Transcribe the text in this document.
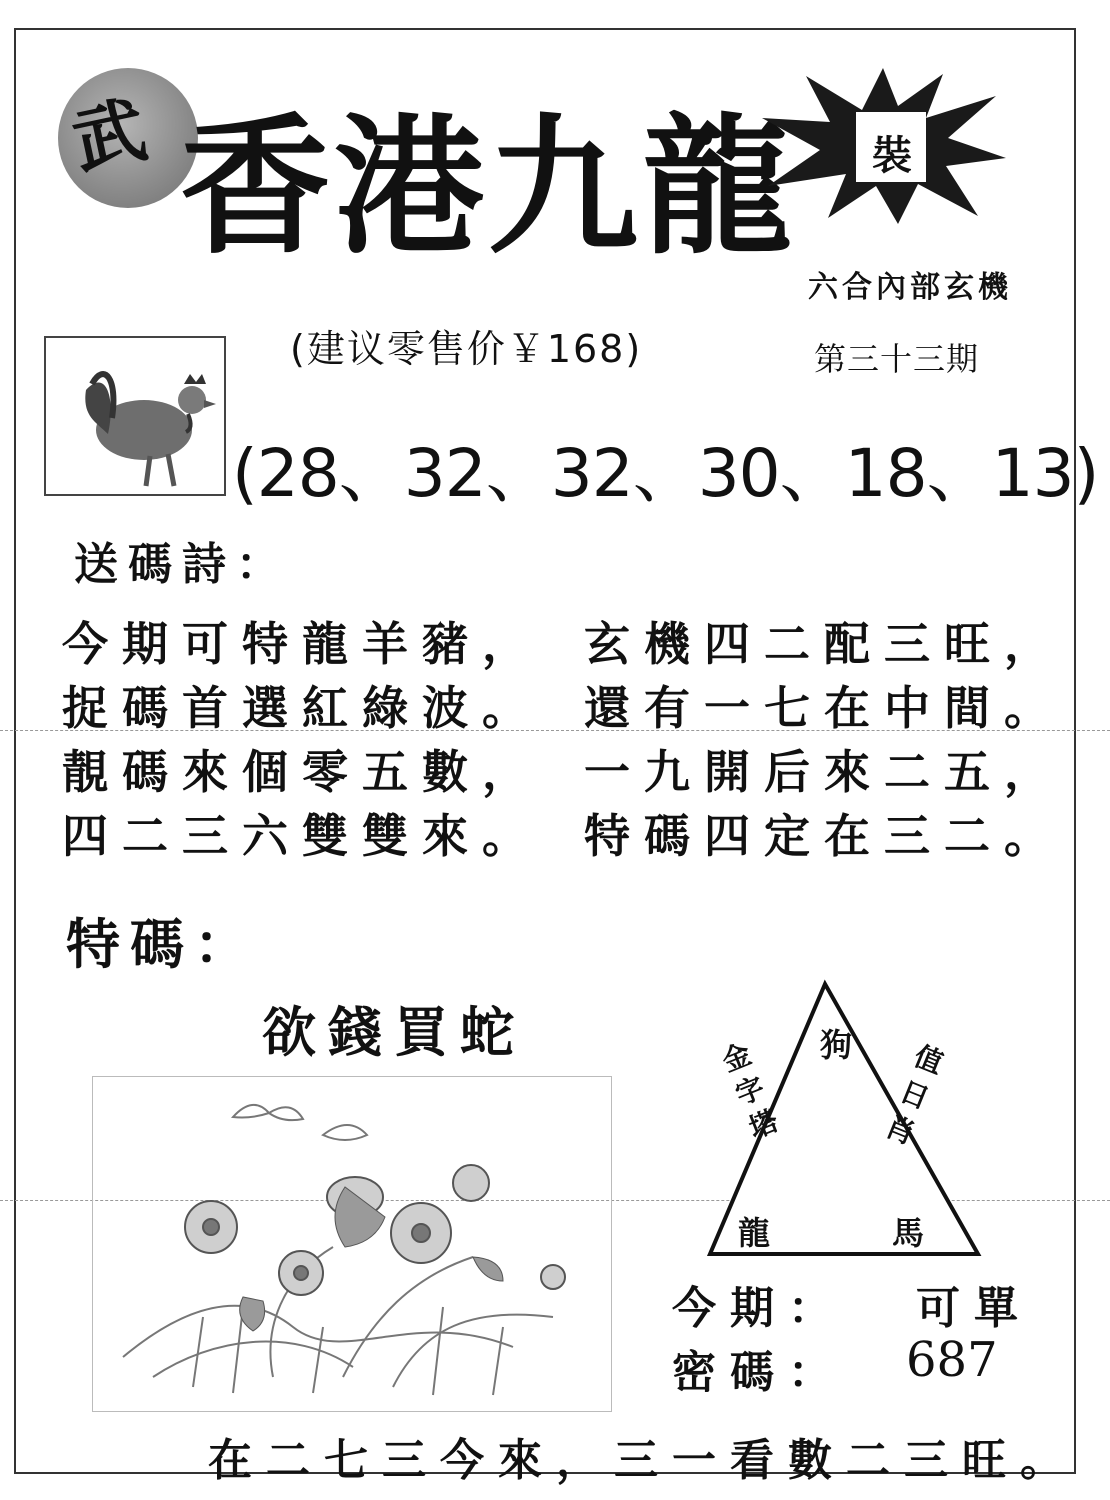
武 香港九龍 裝
六合內部玄機
(建议零售价￥168)	第三十三期
(28、32、32、30、18、13)
送碼詩：
今期可特龍羊豬，
捉碼首選紅綠波。
靚碼來個零五數，
四二三六雙雙來。
玄機四二配三旺，
還有一七在中間。
一九開后來二五，
特碼四定在三二。
特碼：
欲錢買蛇	狗
金字塔
值日肖
龍	馬
今期： 可單
密碼： 687
在二七三今來，三一看數二三旺。
